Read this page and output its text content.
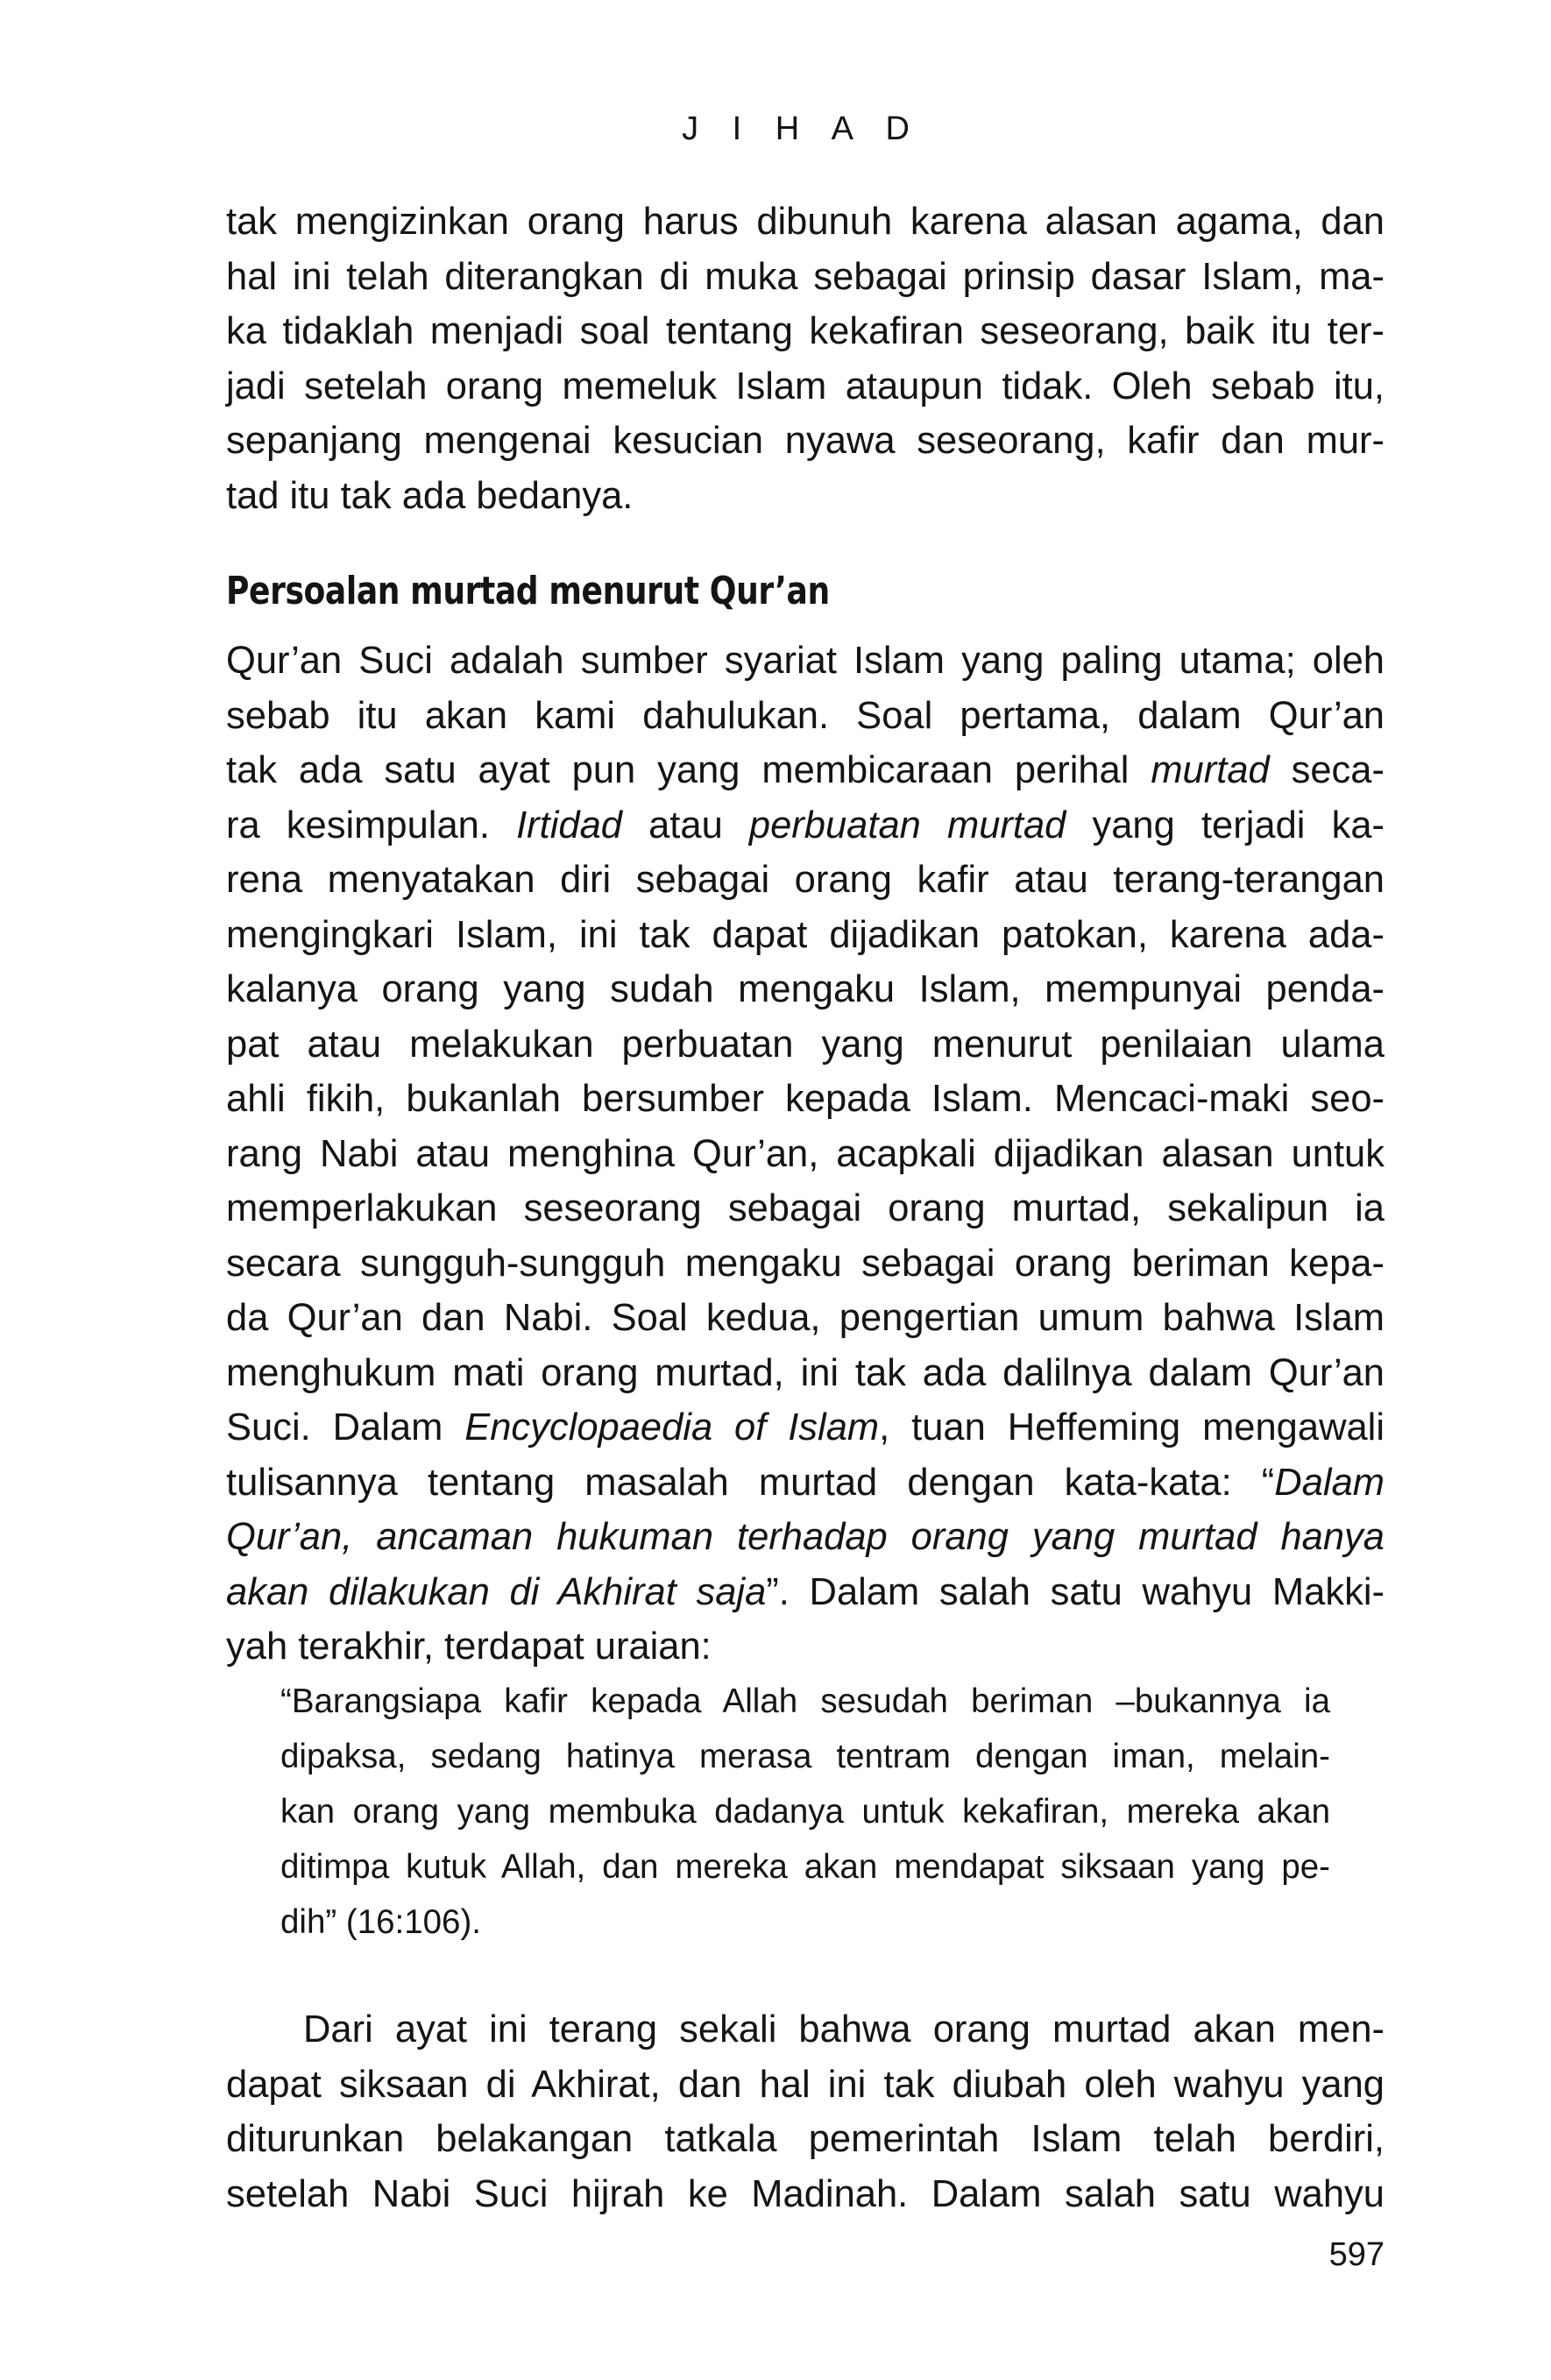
J I H A D
tak mengizinkan orang harus dibunuh karena alasan agama, dan
hal ini telah diterangkan di muka sebagai prinsip dasar Islam, ma-
ka tidaklah menjadi soal tentang kekafiran seseorang, baik itu ter-
jadi setelah orang memeluk Islam ataupun tidak. Oleh sebab itu,
sepanjang mengenai kesucian nyawa seseorang, kafir dan mur-
tad itu tak ada bedanya.
Persoalan murtad menurut Qur’an
Qur’an Suci adalah sumber syariat Islam yang paling utama; oleh
sebab itu akan kami dahulukan. Soal pertama, dalam Qur’an
tak ada satu ayat pun yang membicaraan perihal murtad seca-
ra kesimpulan. Irtidad atau perbuatan murtad yang terjadi ka-
rena menyatakan diri sebagai orang kafir atau terang-terangan
mengingkari Islam, ini tak dapat dijadikan patokan, karena ada-
kalanya orang yang sudah mengaku Islam, mempunyai penda-
pat atau melakukan perbuatan yang menurut penilaian ulama
ahli fikih, bukanlah bersumber kepada Islam. Mencaci-maki seo-
rang Nabi atau menghina Qur’an, acapkali dijadikan alasan untuk
memperlakukan seseorang sebagai orang murtad, sekalipun ia
secara sungguh-sungguh mengaku sebagai orang beriman kepa-
da Qur’an dan Nabi. Soal kedua, pengertian umum bahwa Islam
menghukum mati orang murtad, ini tak ada dalilnya dalam Qur’an
Suci. Dalam Encyclopaedia of Islam, tuan Heffeming mengawali
tulisannya tentang masalah murtad dengan kata-kata: “Dalam
Qur’an, ancaman hukuman terhadap orang yang murtad hanya
akan dilakukan di Akhirat saja”. Dalam salah satu wahyu Makki-
yah terakhir, terdapat uraian:
“Barangsiapa kafir kepada Allah sesudah beriman –bukannya ia
dipaksa, sedang hatinya merasa tentram dengan iman, melain-
kan orang yang membuka dadanya untuk kekafiran, mereka akan
ditimpa kutuk Allah, dan mereka akan mendapat siksaan yang pe-
dih” (16:106).
Dari ayat ini terang sekali bahwa orang murtad akan men-
dapat siksaan di Akhirat, dan hal ini tak diubah oleh wahyu yang
diturunkan belakangan tatkala pemerintah Islam telah berdiri,
setelah Nabi Suci hijrah ke Madinah. Dalam salah satu wahyu
597
